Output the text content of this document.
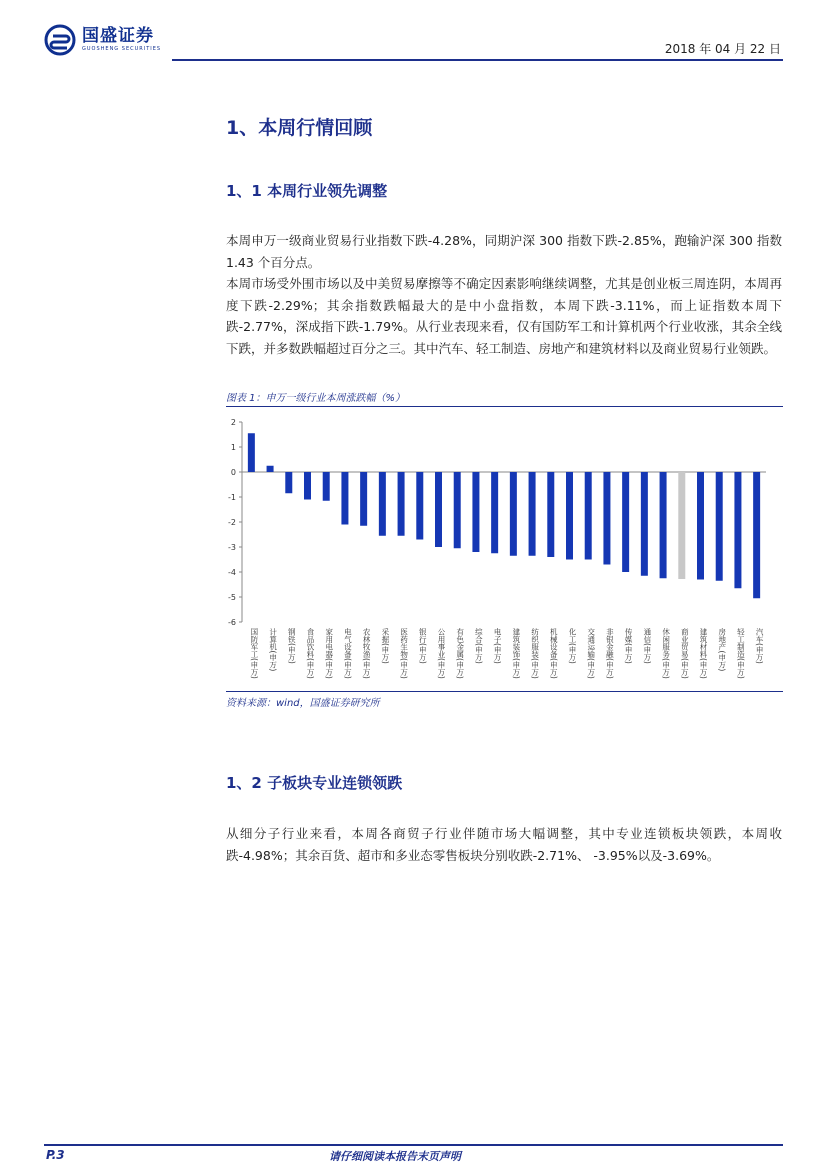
国盛证券
GUOSHENG SECURITIES	2018 年 04 月 22 日
1、本周行情回顾
1、1 本周行业领先调整

本周申万一级商业贸易行业指数下跌-4.28%，同期沪深 300 指数下跌-2.85%，跑输沪深 300 指数 1.43 个百分点。

本周市场受外围市场以及中美贸易摩擦等不确定因素影响继续调整，尤其是创业板三周连阴，本周再度下跌-2.29%；其余指数跌幅最大的是中小盘指数，本周下跌-3.11%，而上证指数本周下跌-2.77%，深成指下跌-1.79%。从行业表现来看，仅有国防军工和计算机两个行业收涨，其余全线下跌，并多数跌幅超过百分之三。其中汽车、轻工制造、房地产和建筑材料以及商业贸易行业领跌。

图表 1：申万一级行业本周涨跌幅（%）
2
1
0
-1
-2
-3
-4
-5
-6
国防军工(申万) 计算机(申万) 钢铁(申万) 食品饮料(申万) 家用电器(申万) 电气设备(申万) 农林牧渔(申万) 采掘(申万) 医药生物(申万) 银行(申万) 公用事业(申万) 有色金属(申万) 综合(申万) 电子(申万) 建筑装饰(申万) 纺织服装(申万) 机械设备(申万) 化工(申万) 交通运输(申万) 非银金融(申万) 传媒(申万) 通信(申万) 休闲服务(申万) 商业贸易(申万) 建筑材料(申万) 房地产(申万) 轻工制造(申万) 汽车(申万)
资料来源：wind，国盛证券研究所
1、2 子板块专业连锁领跌

从细分子行业来看，本周各商贸子行业伴随市场大幅调整，其中专业连锁板块领跌，本周收跌-4.98%；其余百货、超市和多业态零售板块分别收跌-2.71%、 -3.95%以及-3.69%。

P.3	请仔细阅读本报告末页声明
